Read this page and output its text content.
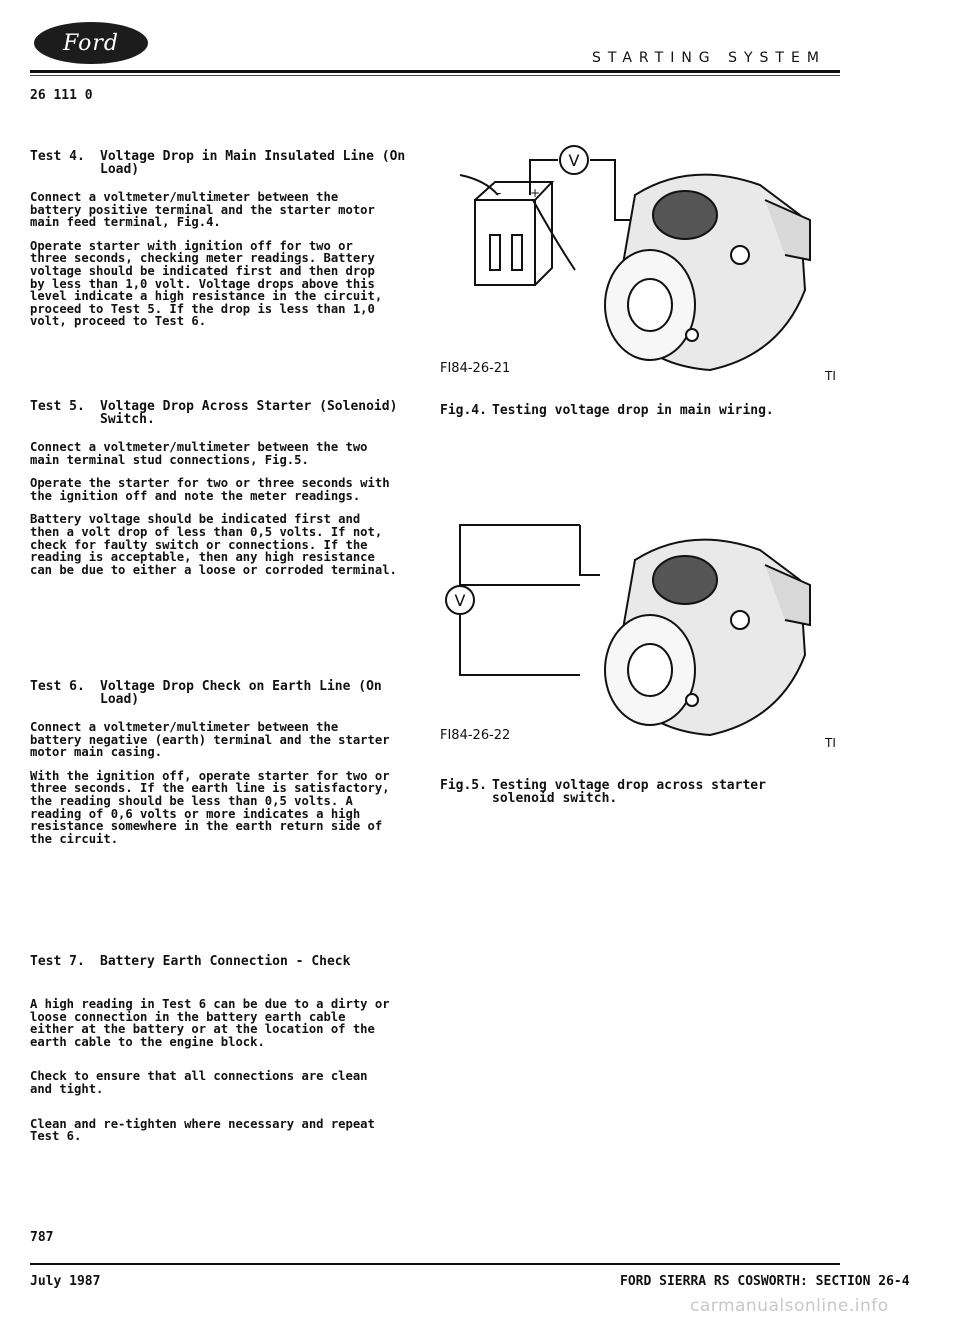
Ford
STARTING SYSTEM
26 111 0
Test 4.	Voltage Drop in Main Insulated Line (On
Load)
Connect a voltmeter/multimeter between the
battery positive terminal and the starter motor
main feed terminal, Fig.4.
Operate starter with ignition off for two or
three seconds, checking meter readings. Battery
voltage should be indicated first and then drop
by less than 1,0 volt. Voltage drops above this
level indicate a high resistance in the circuit,
proceed to Test 5. If the drop is less than 1,0
volt, proceed to Test 6.
Test 5.	Voltage Drop Across Starter (Solenoid)
Switch.
Connect a voltmeter/multimeter between the two
main terminal stud connections, Fig.5.
Operate the starter for two or three seconds with
the ignition off and note the meter readings.
Battery voltage should be indicated first and
then a volt drop of less than 0,5 volts. If not,
check for faulty switch or connections. If the
reading is acceptable, then any high resistance
can be due to either a loose or corroded terminal.
Test 6.	Voltage Drop Check on Earth Line (On
Load)
Connect a voltmeter/multimeter between the
battery negative (earth) terminal and the starter
motor main casing.
With the ignition off, operate starter for two or
three seconds. If the earth line is satisfactory,
the reading should be less than 0,5 volts. A
reading of 0,6 volts or more indicates a high
resistance somewhere in the earth return side of
the circuit.
Test 7.	Battery Earth Connection - Check
A high reading in Test 6 can be due to a dirty or
loose connection in the battery earth cable
either at the battery or at the location of the
earth cable to the engine block.
Check to ensure that all connections are clean
and tight.
Clean and re-tighten where necessary and repeat
Test 6.
- +
V
FI84-26-21	TI
Fig.4. Testing voltage drop in main wiring.
V
FI84-26-22	TI
Fig.5. Testing voltage drop across starter
solenoid switch.
787
July 1987	FORD SIERRA RS COSWORTH: SECTION 26-4
carmanualsonline.info
